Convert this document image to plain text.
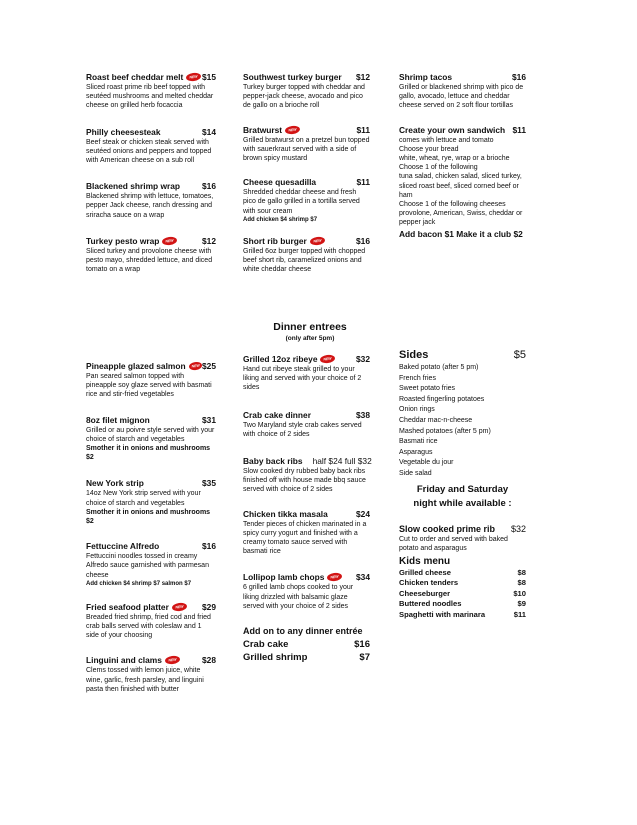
Roast beef cheddar melt	NEW $15
Sliced roast prime rib beef topped with seutéed mushrooms and melted cheddar cheese on grilled herb focaccia
Philly cheesesteak	$14
Beef steak or chicken steak served with seutéed onions and peppers and topped with American cheese on a sub roll
Blackened shrimp wrap	$16
Blackened shrimp with lettuce, tomatoes, pepper Jack cheese, ranch dressing and sriracha sauce on a wrap
Turkey pesto wrap	NEW	$12
Sliced turkey and provolone cheese with pesto mayo, shredded lettuce, and diced tomato on a wrap
Southwest turkey burger $12
Turkey burger topped with cheddar and pepper-jack cheese, avocado and pico de gallo on a brioche roll
Bratwurst	NEW	$11
Grilled bratwurst on a pretzel bun topped with sauerkraut served with a side of brown spicy mustard
Cheese quesadilla	$11
Shredded cheddar cheese and fresh pico de gallo grilled in a tortilla served with sour cream
Add chicken $4 shrimp $7
Short rib burger	NEW	$16
Grilled 6oz burger topped with chopped beef short rib, caramelized onions and white cheddar cheese
Shrimp tacos	$16
Grilled or blackened shrimp with pico de gallo, avocado, lettuce and cheddar cheese served on 2 soft flour tortillas
Create your own sandwich $11
comes with lettuce and tomato
Choose your bread
white, wheat, rye, wrap or a brioche
Choose 1 of the following
tuna salad, chicken salad, sliced turkey, sliced roast beef, sliced corned beef or ham
Choose 1 of the following cheeses
provolone, American, Swiss, cheddar or pepper jack
Add bacon $1 Make it a club $2
Dinner entrees
(only after 5pm)
Pineapple glazed salmon	NEW $25
Pan seared salmon topped with pineapple soy glaze served with basmati rice and stir-fried vegetables
8oz filet mignon	$31
Grilled or au poivre style served with your choice of starch and vegetables
Smother it in onions and mushrooms $2
New York strip	$35
14oz New York strip served with your choice of starch and vegetables
Smother it in onions and mushrooms $2
Fettuccine Alfredo	$16
Fettuccini noodles tossed in creamy Alfredo sauce garnished with parmesan cheese
Add chicken $4 shrimp $7 salmon $7
Fried seafood platter	NEW	$29
Breaded fried shrimp, fried cod and fried crab balls served with coleslaw and 1 side of your choosing
Linguini and clams	NEW	$28
Clems tossed with lemon juice, white wine, garlic, fresh parsley, and linguini pasta then finished with butter
Grilled 12oz ribeye	NEW	$32
Hand cut ribeye steak grilled to your liking and served with your choice of 2 sides
Crab cake dinner	$38
Two Maryland style crab cakes served with choice of 2 sides
Baby back ribs half $24 full $32
Slow cooked dry rubbed baby back ribs finished off with house made bbq sauce served with choice of 2 sides
Chicken tikka masala	$24
Tender pieces of chicken marinated in a spicy curry yogurt and finished with a creamy tomato sauce served with basmati rice
Lollipop lamb chops	NEW	$34
6 grilled lamb chops cooked to your liking drizzled with balsamic glaze served with your choice of 2 sides
Add on to any dinner entrée
Crab cake	$16
Grilled shrimp	$7
Sides	$5
Baked potato (after 5 pm)
French fries
Sweet potato fries
Roasted fingerling potatoes
Onion rings
Cheddar mac-n-cheese
Mashed potatoes (after 5 pm)
Basmati rice
Asparagus
Vegetable du jour
Side salad
Friday and Saturday
night while available :
Slow cooked prime rib $32
Cut to order and served with baked potato and asparagus
Kids menu
Grilled cheese	$8
Chicken tenders	$8
Cheeseburger	$10
Buttered noodles	$9
Spaghetti with marinara	$11
